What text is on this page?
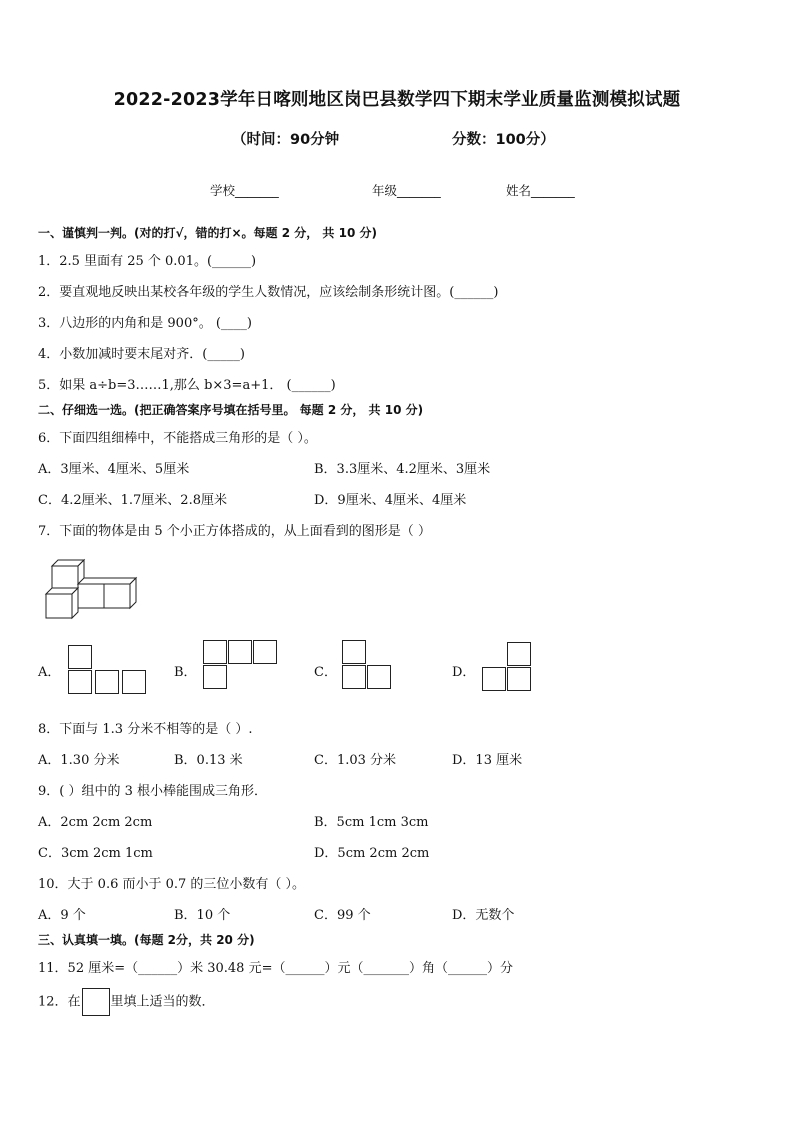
2022-2023学年日喀则地区岗巴县数学四下期末学业质量监测模拟试题
（时间：90分钟	分数：100分）
学校_______	年级_______	姓名_______
一、谨慎判一判。(对的打√，错的打×。每题 2 分， 共 10 分)
1．2.5 里面有 25 个 0.01。(______)
2．要直观地反映出某校各年级的学生人数情况，应该绘制条形统计图。(______)
3．八边形的内角和是 900°。 (____)
4．小数加减时要末尾对齐．(_____)
5．如果 a÷b=3……1,那么 b×3=a+1． (______)
二、仔细选一选。(把正确答案序号填在括号里。 每题 2 分， 共 10 分)
6．下面四组细棒中，不能搭成三角形的是（ ）。
A．3厘米、4厘米、5厘米	B．3.3厘米、4.2厘米、3厘米
C．4.2厘米、1.7厘米、2.8厘米	D．9厘米、4厘米、4厘米
7．下面的物体是由 5 个小正方体搭成的，从上面看到的图形是（ ）
A．	B．	C．	D．
8．下面与 1.3 分米不相等的是（ ）.
A．1.30 分米	B．0.13 米	C．1.03 分米	D．13 厘米
9．( ）组中的 3 根小棒能围成三角形．
A．2cm 2cm 2cm	B．5cm 1cm 3cm
C．3cm 2cm 1cm	D．5cm 2cm 2cm
10．大于 0.6 而小于 0.7 的三位小数有（ ）。
A．9 个	B．10 个	C．99 个	D．无数个
三、认真填一填。(每题 2分，共 20 分)
11．52 厘米=（______）米 30.48 元=（______）元（_______）角（______）分
12．在 里填上适当的数．
